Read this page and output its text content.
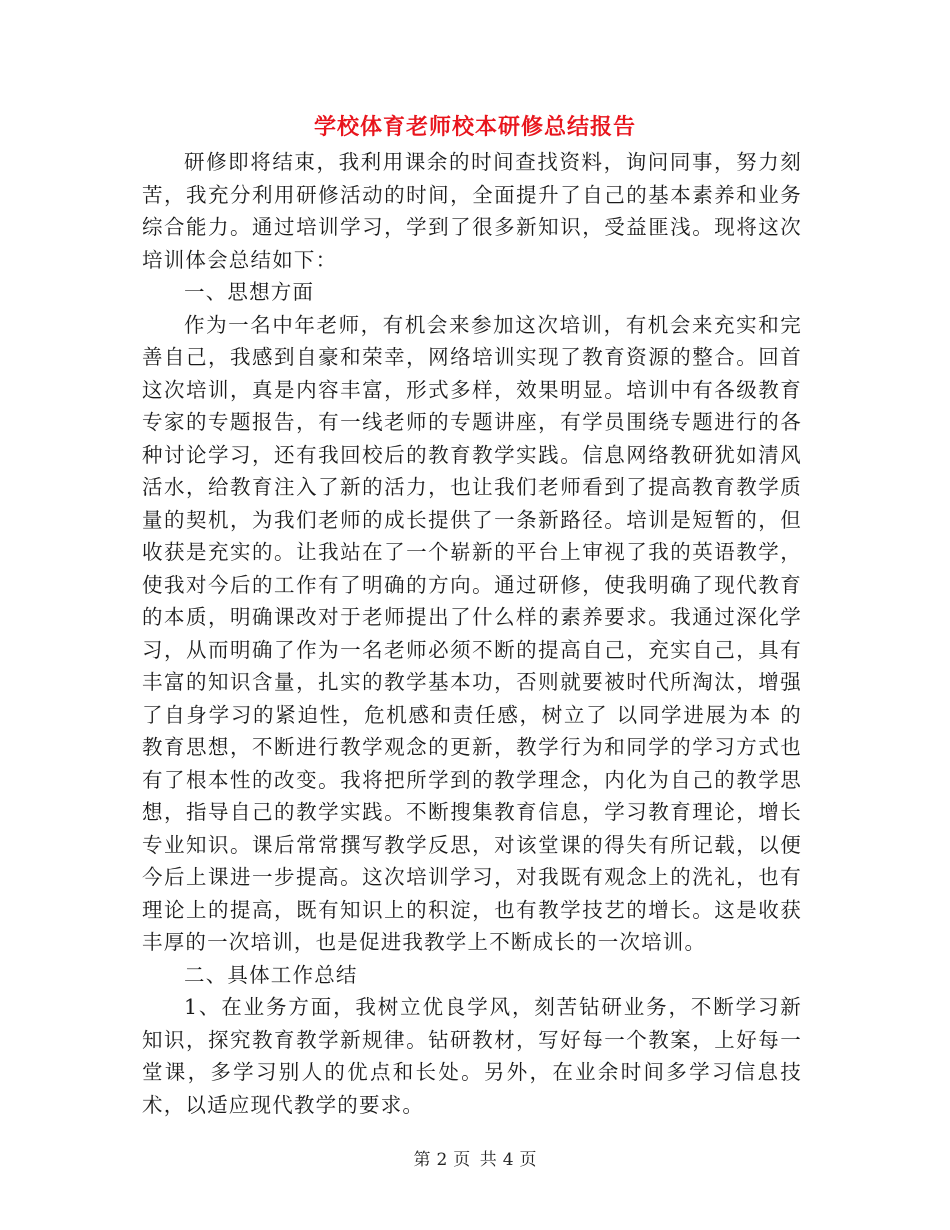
学校体育老师校本研修总结报告

研修即将结束，我利用课余的时间查找资料，询问同事，努力刻苦，我充分利用研修活动的时间，全面提升了自己的基本素养和业务综合能力。通过培训学习，学到了很多新知识，受益匪浅。现将这次培训体会总结如下：

一、思想方面

作为一名中年老师，有机会来参加这次培训，有机会来充实和完善自己，我感到自豪和荣幸，网络培训实现了教育资源的整合。回首这次培训，真是内容丰富，形式多样，效果明显。培训中有各级教育专家的专题报告，有一线老师的专题讲座，有学员围绕专题进行的各种讨论学习，还有我回校后的教育教学实践。信息网络教研犹如清风活水，给教育注入了新的活力，也让我们老师看到了提高教育教学质量的契机，为我们老师的成长提供了一条新路径。培训是短暂的，但收获是充实的。让我站在了一个崭新的平台上审视了我的英语教学，使我对今后的工作有了明确的方向。通过研修，使我明确了现代教育的本质，明确课改对于老师提出了什么样的素养要求。我通过深化学习，从而明确了作为一名老师必须不断的提高自己，充实自己，具有丰富的知识含量，扎实的教学基本功，否则就要被时代所淘汰，增强了自身学习的紧迫性，危机感和责任感，树立了 以同学进展为本 的教育思想，不断进行教学观念的更新，教学行为和同学的学习方式也有了根本性的改变。我将把所学到的教学理念，内化为自己的教学思想，指导自己的教学实践。不断搜集教育信息，学习教育理论，增长专业知识。课后常常撰写教学反思，对该堂课的得失有所记载，以便今后上课进一步提高。这次培训学习，对我既有观念上的洗礼，也有理论上的提高，既有知识上的积淀，也有教学技艺的增长。这是收获丰厚的一次培训，也是促进我教学上不断成长的一次培训。

二、具体工作总结

1、在业务方面，我树立优良学风，刻苦钻研业务，不断学习新知识，探究教育教学新规律。钻研教材，写好每一个教案，上好每一堂课，多学习别人的优点和长处。另外，在业余时间多学习信息技术，以适应现代教学的要求。

第 2 页 共 4 页
